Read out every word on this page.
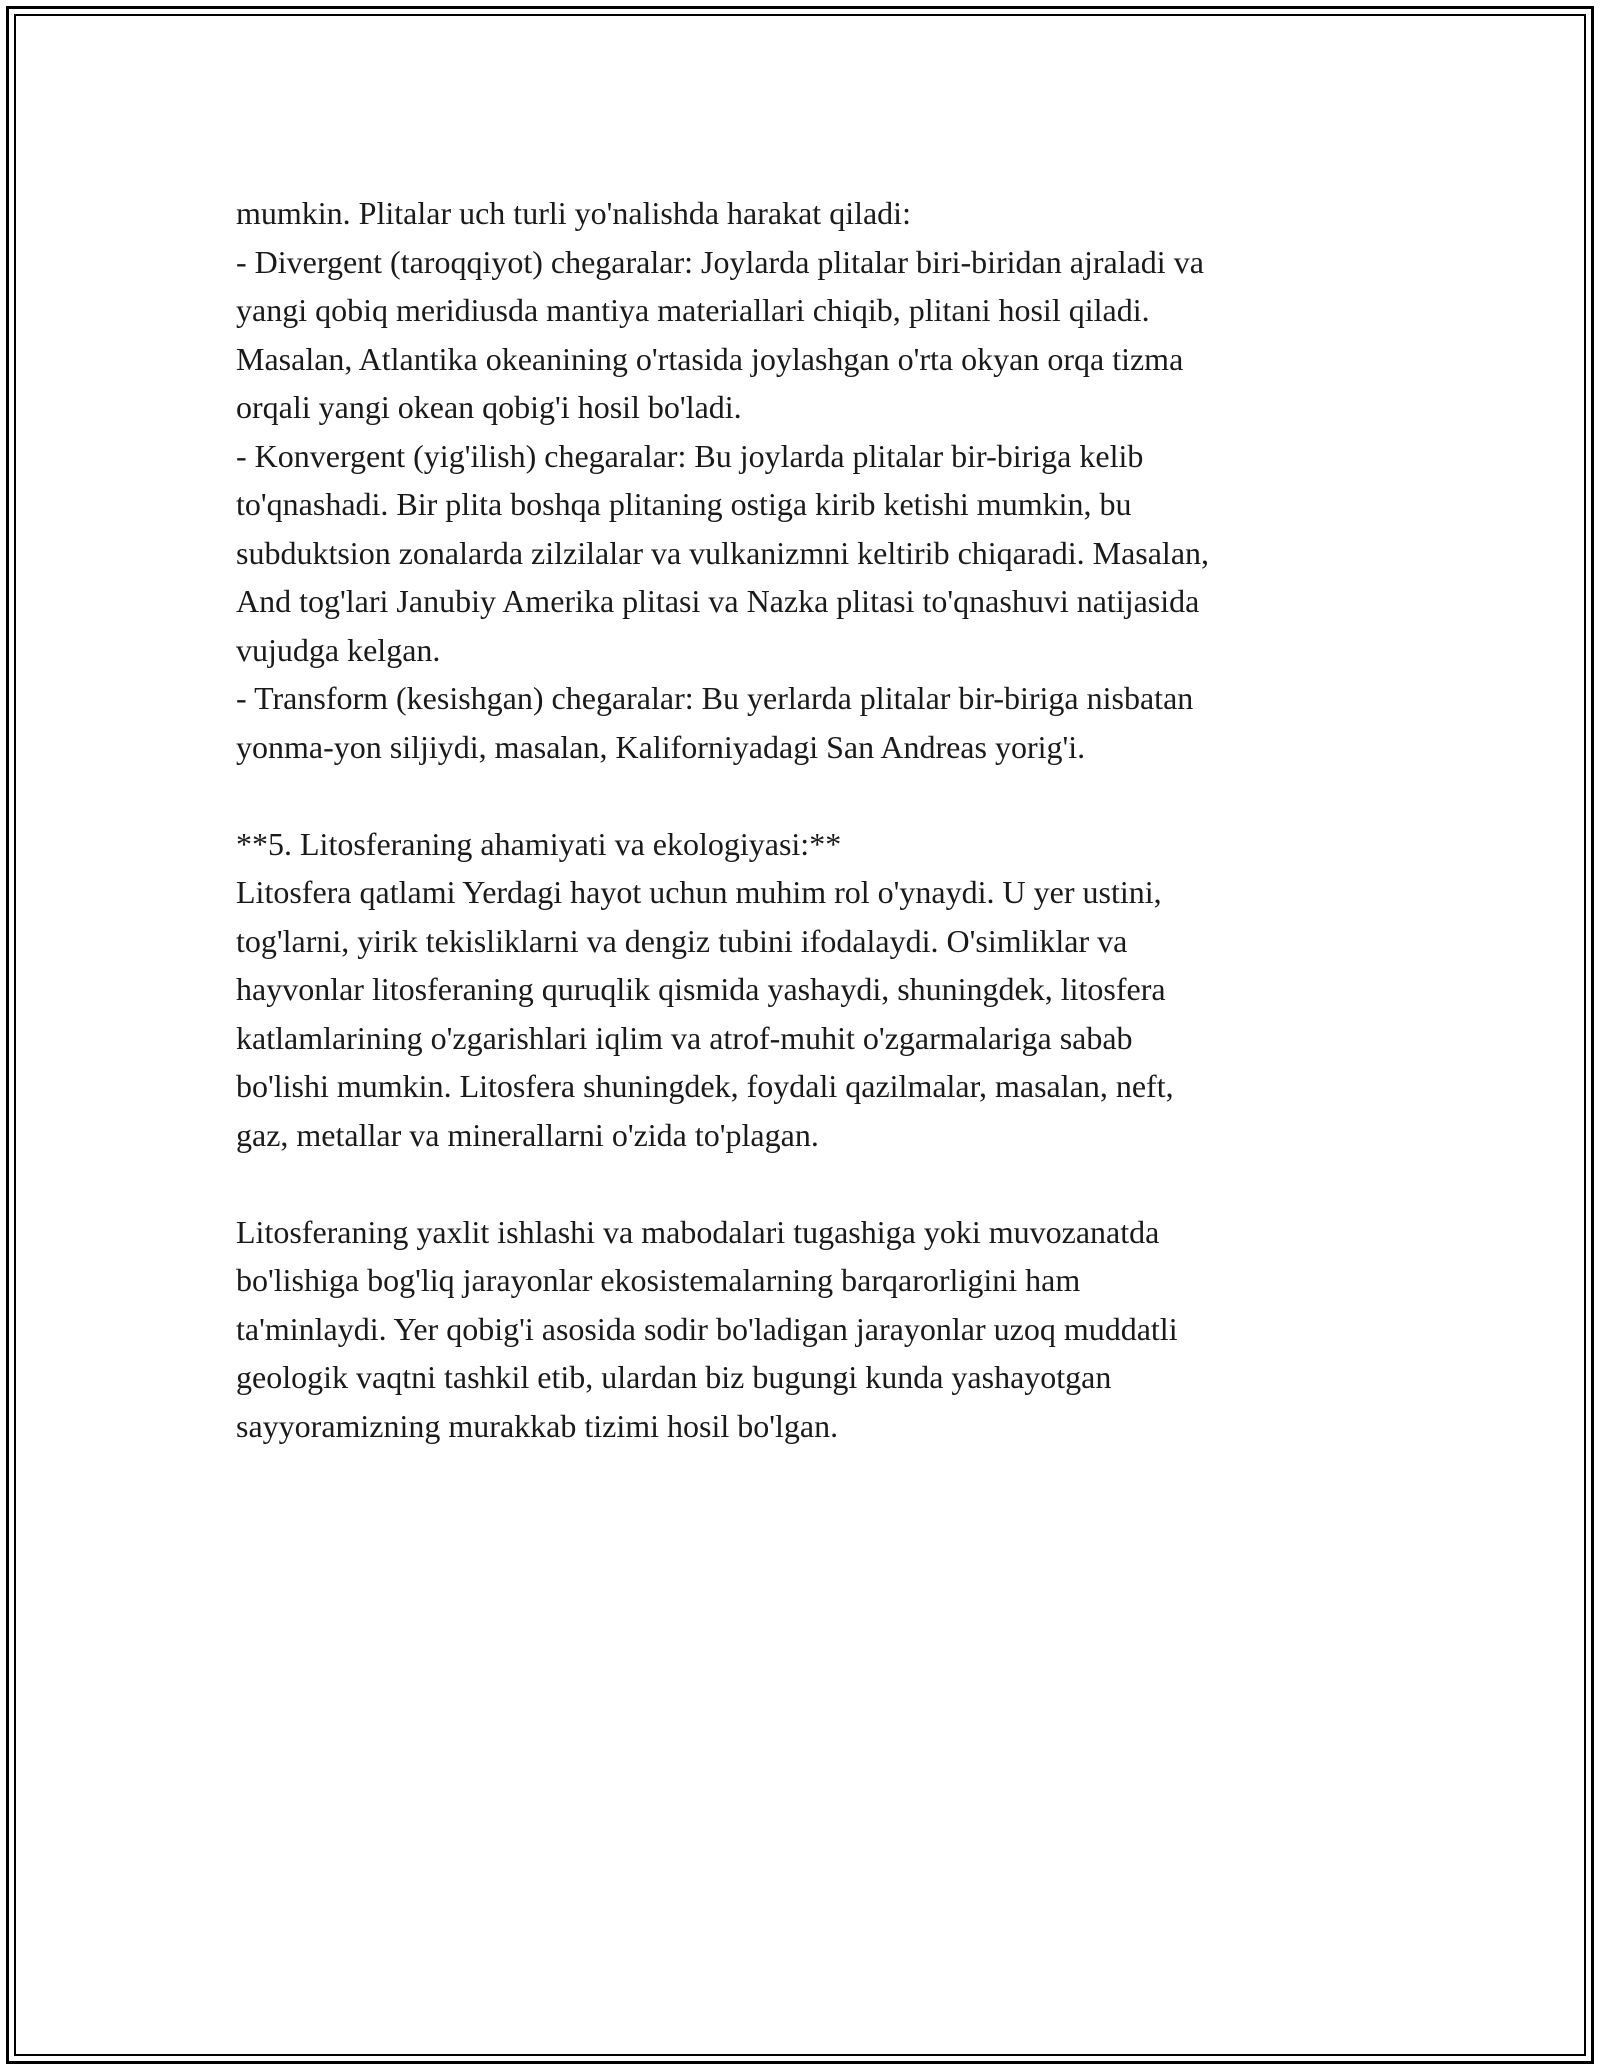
mumkin. Plitalar uch turli yo'nalishda harakat qiladi:
- Divergent (taroqqiyot) chegaralar: Joylarda plitalar biri-biridan ajraladi va
yangi qobiq meridiusda mantiya materiallari chiqib, plitani hosil qiladi.
Masalan, Atlantika okeanining o'rtasida joylashgan o'rta okyan orqa tizma
orqali yangi okean qobig'i hosil bo'ladi.
- Konvergent (yig'ilish) chegaralar: Bu joylarda plitalar bir-biriga kelib
to'qnashadi. Bir plita boshqa plitaning ostiga kirib ketishi mumkin, bu
subduktsion zonalarda zilzilalar va vulkanizmni keltirib chiqaradi. Masalan,
And tog'lari Janubiy Amerika plitasi va Nazka plitasi to'qnashuvi natijasida
vujudga kelgan.
- Transform (kesishgan) chegaralar: Bu yerlarda plitalar bir-biriga nisbatan
yonma-yon siljiydi, masalan, Kaliforniyadagi San Andreas yorig'i.
**5. Litosferaning ahamiyati va ekologiyasi:**
Litosfera qatlami Yerdagi hayot uchun muhim rol o'ynaydi. U yer ustini,
tog'larni, yirik tekisliklarni va dengiz tubini ifodalaydi. O'simliklar va
hayvonlar litosferaning quruqlik qismida yashaydi, shuningdek, litosfera
katlamlarining o'zgarishlari iqlim va atrof-muhit o'zgarmalariga sabab
bo'lishi mumkin. Litosfera shuningdek, foydali qazilmalar, masalan, neft,
gaz, metallar va minerallarni o'zida to'plagan.
Litosferaning yaxlit ishlashi va mabodalari tugashiga yoki muvozanatda
bo'lishiga bog'liq jarayonlar ekosistemalarning barqarorligini ham
ta'minlaydi. Yer qobig'i asosida sodir bo'ladigan jarayonlar uzoq muddatli
geologik vaqtni tashkil etib, ulardan biz bugungi kunda yashayotgan
sayyoramizning murakkab tizimi hosil bo'lgan.
